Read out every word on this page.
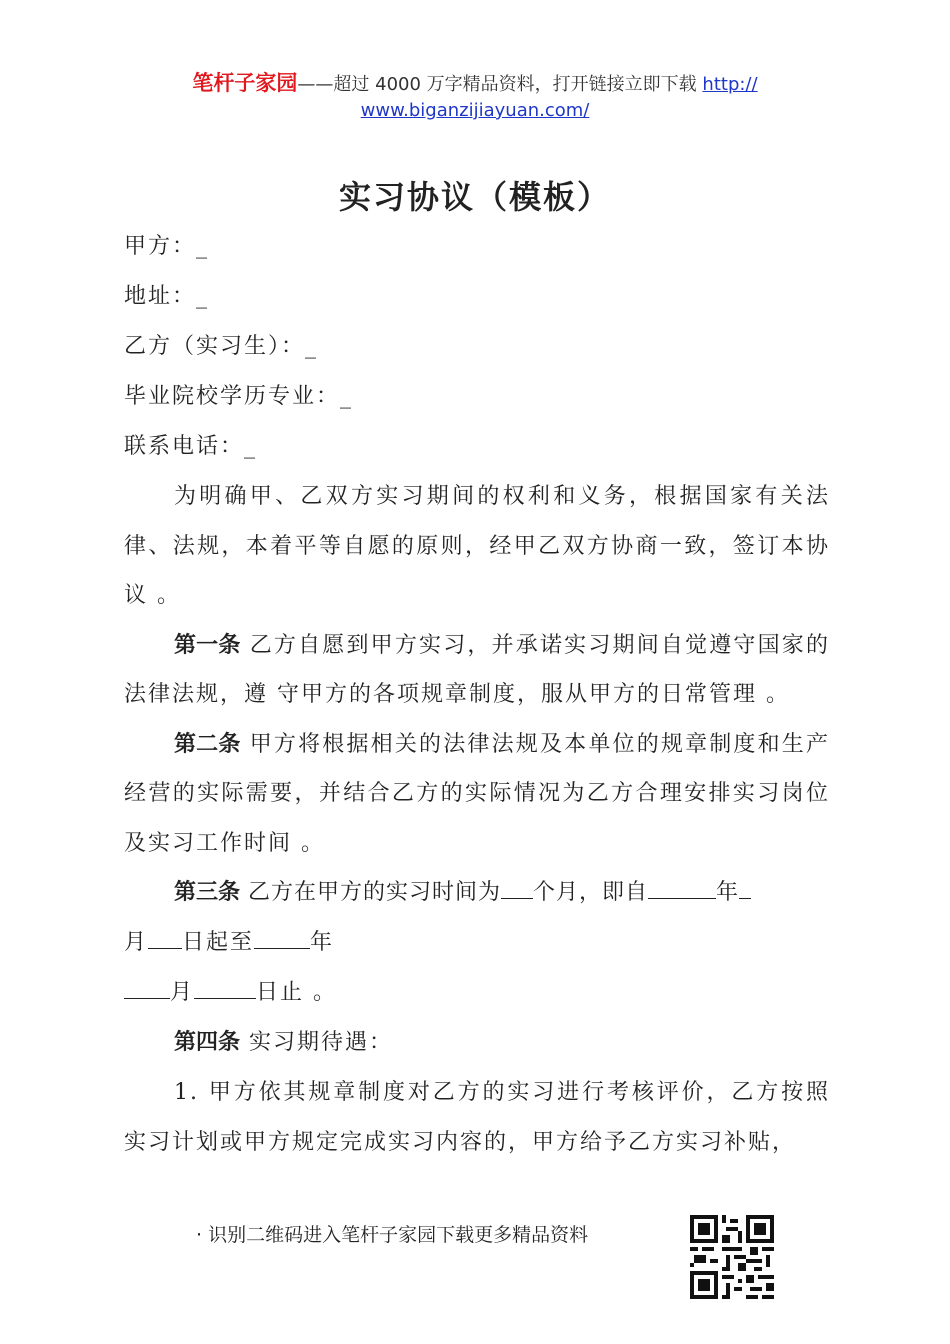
笔杆子家园——超过 4000 万字精品资料，打开链接立即下载 http://
www.biganzijiayuan.com/
实习协议（模板）
甲方：_
地址：_
乙方（实习生）：_
毕业院校学历专业：_
联系电话：_
为明确甲、乙双方实习期间的权利和义务，根据国家有关法律、法规，本着平等自愿的原则，经甲乙双方协商一致，签订本协议 。
第一条 乙方自愿到甲方实习，并承诺实习期间自觉遵守国家的法律法规，遵 守甲方的各项规章制度，服从甲方的日常管理 。
第二条 甲方将根据相关的法律法规及本单位的规章制度和生产经营的实际需要，并结合乙方的实际情况为乙方合理安排实习岗位及实习工作时间 。
第三条 乙方在甲方的实习时间为 个月，即自	年
月 日起至	年
月	日止 。
第四条 实习期待遇：
1. 甲方依其规章制度对乙方的实习进行考核评价，乙方按照实习计划或甲方规定完成实习内容的，甲方给予乙方实习补贴，
· 识别二维码进入笔杆子家园下载更多精品资料
